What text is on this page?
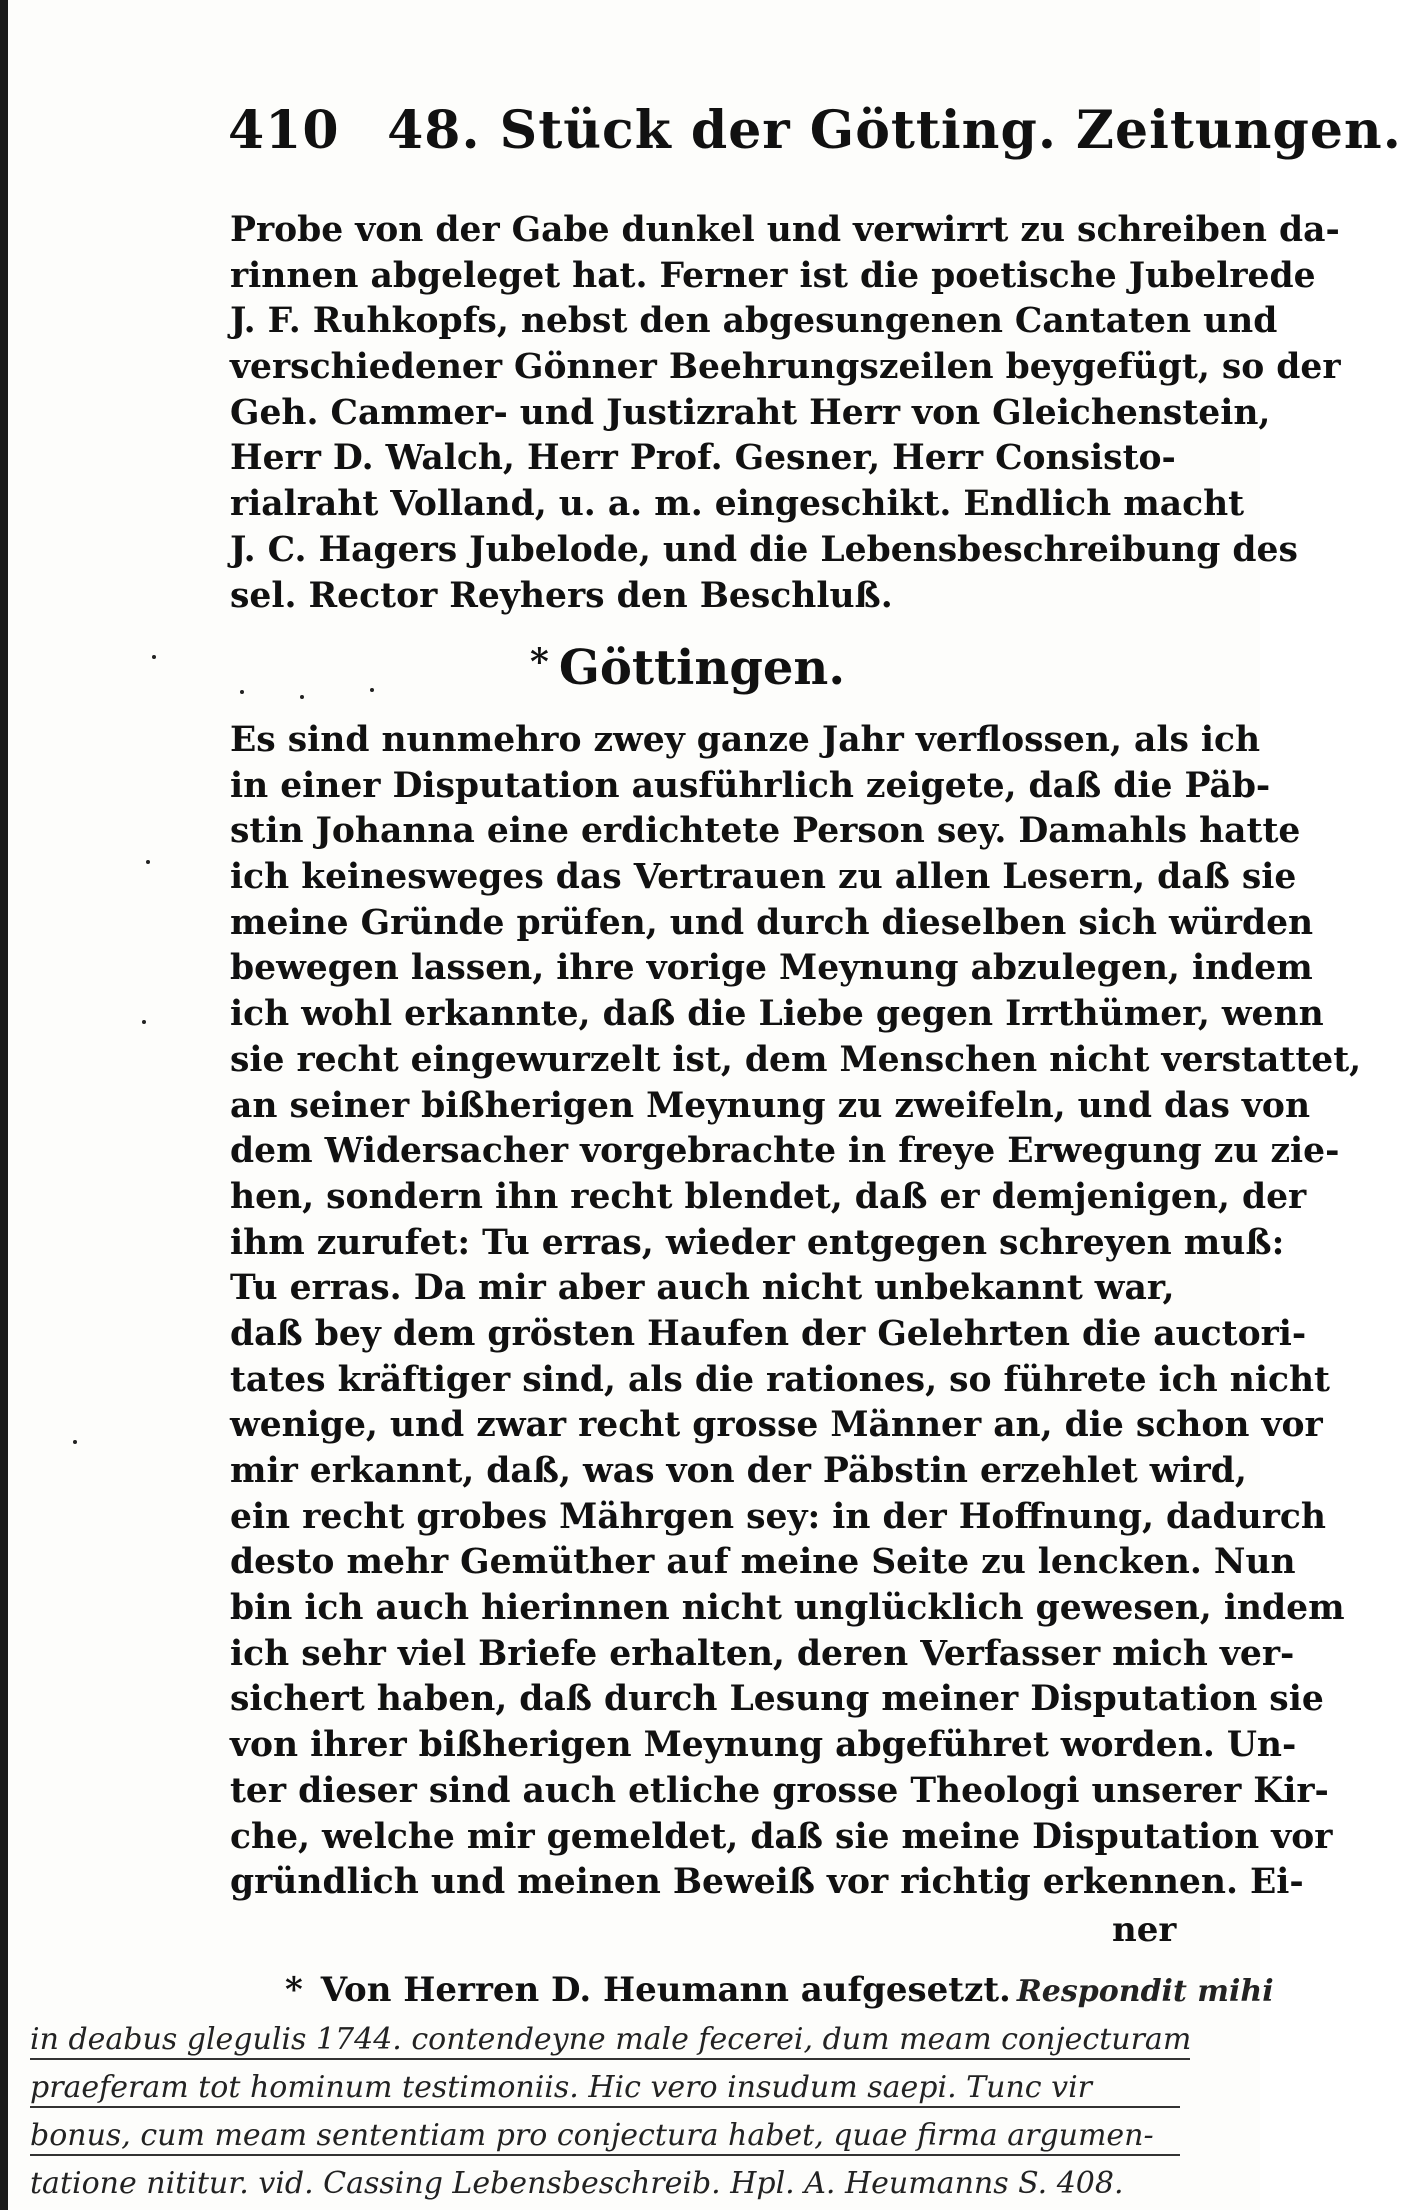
410 48. Stück der Götting. Zeitungen.
Probe von der Gabe dunkel und verwirrt zu schreiben da-
rinnen abgeleget hat. Ferner ist die poetische Jubelrede
J. F. Ruhkopfs, nebst den abgesungenen Cantaten und
verschiedener Gönner Beehrungszeilen beygefügt, so der
Geh. Cammer- und Justizraht Herr von Gleichenstein,
Herr D. Walch, Herr Prof. Gesner, Herr Consisto-
rialraht Volland, u. a. m. eingeschikt. Endlich macht
J. C. Hagers Jubelode, und die Lebensbeschreibung des
sel. Rector Reyhers den Beschluß.
* Göttingen.
Es sind nunmehro zwey ganze Jahr verflossen, als ich
in einer Disputation ausführlich zeigete, daß die Päb-
stin Johanna eine erdichtete Person sey. Damahls hatte
ich keinesweges das Vertrauen zu allen Lesern, daß sie
meine Gründe prüfen, und durch dieselben sich würden
bewegen lassen, ihre vorige Meynung abzulegen, indem
ich wohl erkannte, daß die Liebe gegen Irrthümer, wenn
sie recht eingewurzelt ist, dem Menschen nicht verstattet,
an seiner bißherigen Meynung zu zweifeln, und das von
dem Widersacher vorgebrachte in freye Erwegung zu zie-
hen, sondern ihn recht blendet, daß er demjenigen, der
ihm zurufet: Tu erras, wieder entgegen schreyen muß:
Tu erras. Da mir aber auch nicht unbekannt war,
daß bey dem grösten Haufen der Gelehrten die auctori-
tates kräftiger sind, als die rationes, so führete ich nicht
wenige, und zwar recht grosse Männer an, die schon vor
mir erkannt, daß, was von der Päbstin erzehlet wird,
ein recht grobes Mährgen sey: in der Hoffnung, dadurch
desto mehr Gemüther auf meine Seite zu lencken. Nun
bin ich auch hierinnen nicht unglücklich gewesen, indem
ich sehr viel Briefe erhalten, deren Verfasser mich ver-
sichert haben, daß durch Lesung meiner Disputation sie
von ihrer bißherigen Meynung abgeführet worden. Un-
ter dieser sind auch etliche grosse Theologi unserer Kir-
che, welche mir gemeldet, daß sie meine Disputation vor
gründlich und meinen Beweiß vor richtig erkennen. Ei-
ner
* Von Herren D. Heumann aufgesetzt. Respondit mihi
in deabus glegulis 1744. contendeyne male fecerei, dum meam conjecturam
praeferam tot hominum testimoniis. Hic vero insudum saepi. Tunc vir
bonus, cum meam sententiam pro conjectura habet, quae firma argumen-
tatione nititur. vid. Cassing Lebensbeschreib. Hpl. A. Heumanns S. 408.
